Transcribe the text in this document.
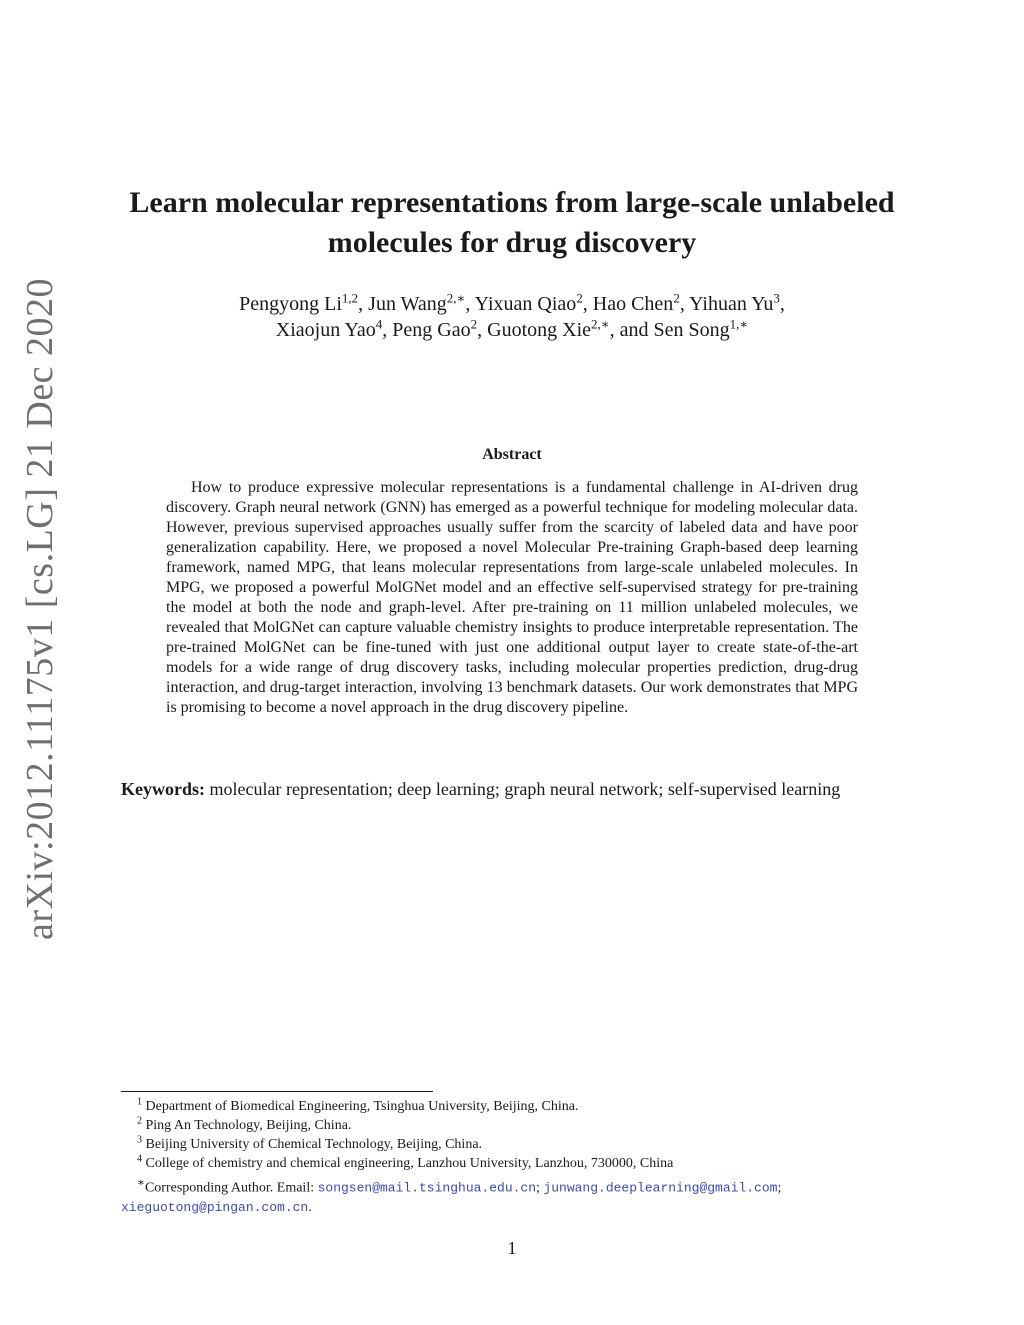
arXiv:2012.11175v1 [cs.LG] 21 Dec 2020
Learn molecular representations from large-scale unlabeled molecules for drug discovery
Pengyong Li$^{1,2}$, Jun Wang$^{2,∗}$, Yixuan Qiao$^2$, Hao Chen$^2$, Yihuan Yu$^3$,
Xiaojun Yao$^4$, Peng Gao$^2$, Guotong Xie$^{2,∗}$, and Sen Song$^{1,∗}$
Abstract

How to produce expressive molecular representations is a fundamental challenge in AI-driven drug discovery. Graph neural network (GNN) has emerged as a powerful technique for modeling molecular data. However, previous supervised approaches usually suffer from the scarcity of labeled data and have poor generalization capability. Here, we proposed a novel Molecular Pre-training Graph-based deep learning framework, named MPG, that leans molecular representations from large-scale unlabeled molecules. In MPG, we proposed a powerful MolGNet model and an effective self-supervised strategy for pre-training the model at both the node and graph-level. After pre-training on 11 million unlabeled molecules, we revealed that MolGNet can capture valuable chemistry insights to produce interpretable representation. The pre-trained MolGNet can be fine-tuned with just one additional output layer to create state-of-the-art models for a wide range of drug discovery tasks, including molecular properties prediction, drug-drug interaction, and drug-target interaction, involving 13 benchmark datasets. Our work demonstrates that MPG is promising to become a novel approach in the drug discovery pipeline.

Keywords: molecular representation; deep learning; graph neural network; self-supervised learning

$^1$ Department of Biomedical Engineering, Tsinghua University, Beijing, China.
$^2$ Ping An Technology, Beijing, China.
$^3$ Beijing University of Chemical Technology, Beijing, China.
$^4$ College of chemistry and chemical engineering, Lanzhou University, Lanzhou, 730000, China
∗Corresponding Author. Email: songsen@mail.tsinghua.edu.cn; junwang.deeplearning@gmail.com;
xieguotong@pingan.com.cn.
1
